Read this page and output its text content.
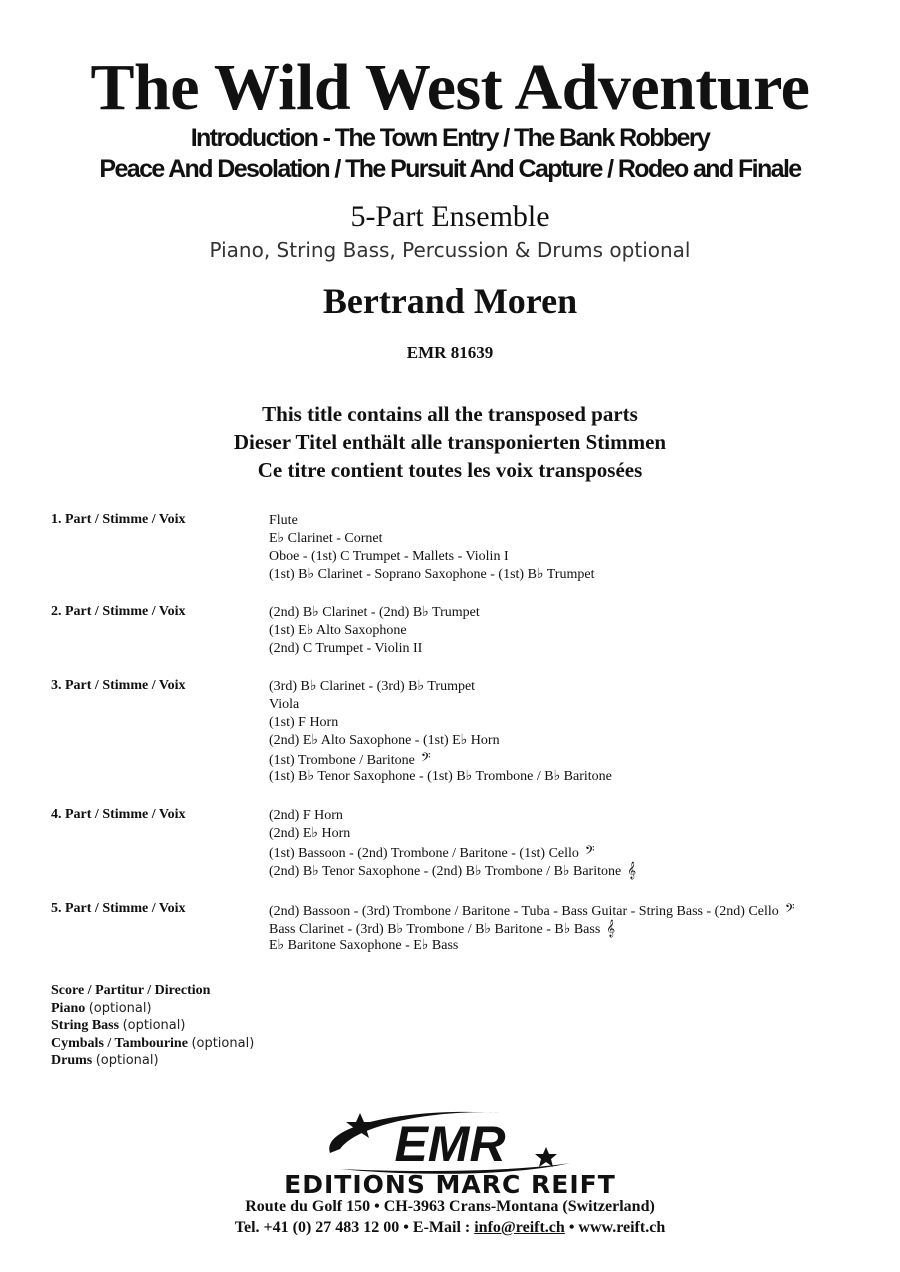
The Wild West Adventure
Introduction - The Town Entry / The Bank Robbery
Peace And Desolation / The Pursuit And Capture / Rodeo and Finale
5-Part Ensemble
Piano, String Bass, Percussion & Drums optional
Bertrand Moren
EMR 81639
This title contains all the transposed parts
Dieser Titel enthält alle transponierten Stimmen
Ce titre contient toutes les voix transposées
1. Part / Stimme / Voix	Flute
E♭ Clarinet - Cornet
Oboe - (1st) C Trumpet - Mallets - Violin I
(1st) B♭ Clarinet - Soprano Saxophone - (1st) B♭ Trumpet
2. Part / Stimme / Voix	(2nd) B♭ Clarinet - (2nd) B♭ Trumpet
(1st) E♭ Alto Saxophone
(2nd) C Trumpet - Violin II
3. Part / Stimme / Voix	(3rd) B♭ Clarinet - (3rd) B♭ Trumpet
Viola
(1st) F Horn
(2nd) E♭ Alto Saxophone - (1st) E♭ Horn
(1st) Trombone / Baritone 𝄢
(1st) B♭ Tenor Saxophone - (1st) B♭ Trombone / B♭ Baritone
4. Part / Stimme / Voix	(2nd) F Horn
(2nd) E♭ Horn
(1st) Bassoon - (2nd) Trombone / Baritone - (1st) Cello 𝄢
(2nd) B♭ Tenor Saxophone - (2nd) B♭ Trombone / B♭ Baritone 𝄞
5. Part / Stimme / Voix	(2nd) Bassoon - (3rd) Trombone / Baritone - Tuba - Bass Guitar - String Bass - (2nd) Cello 𝄢
Bass Clarinet - (3rd) B♭ Trombone / B♭ Baritone - B♭ Bass 𝄞
E♭ Baritone Saxophone - E♭ Bass
Score / Partitur / Direction
Piano (optional)
String Bass (optional)
Cymbals / Tambourine (optional)
Drums (optional)
EMR
EDITIONS MARC REIFT
Route du Golf 150 • CH-3963 Crans-Montana (Switzerland)
Tel. +41 (0) 27 483 12 00 • E-Mail : info@reift.ch • www.reift.ch
